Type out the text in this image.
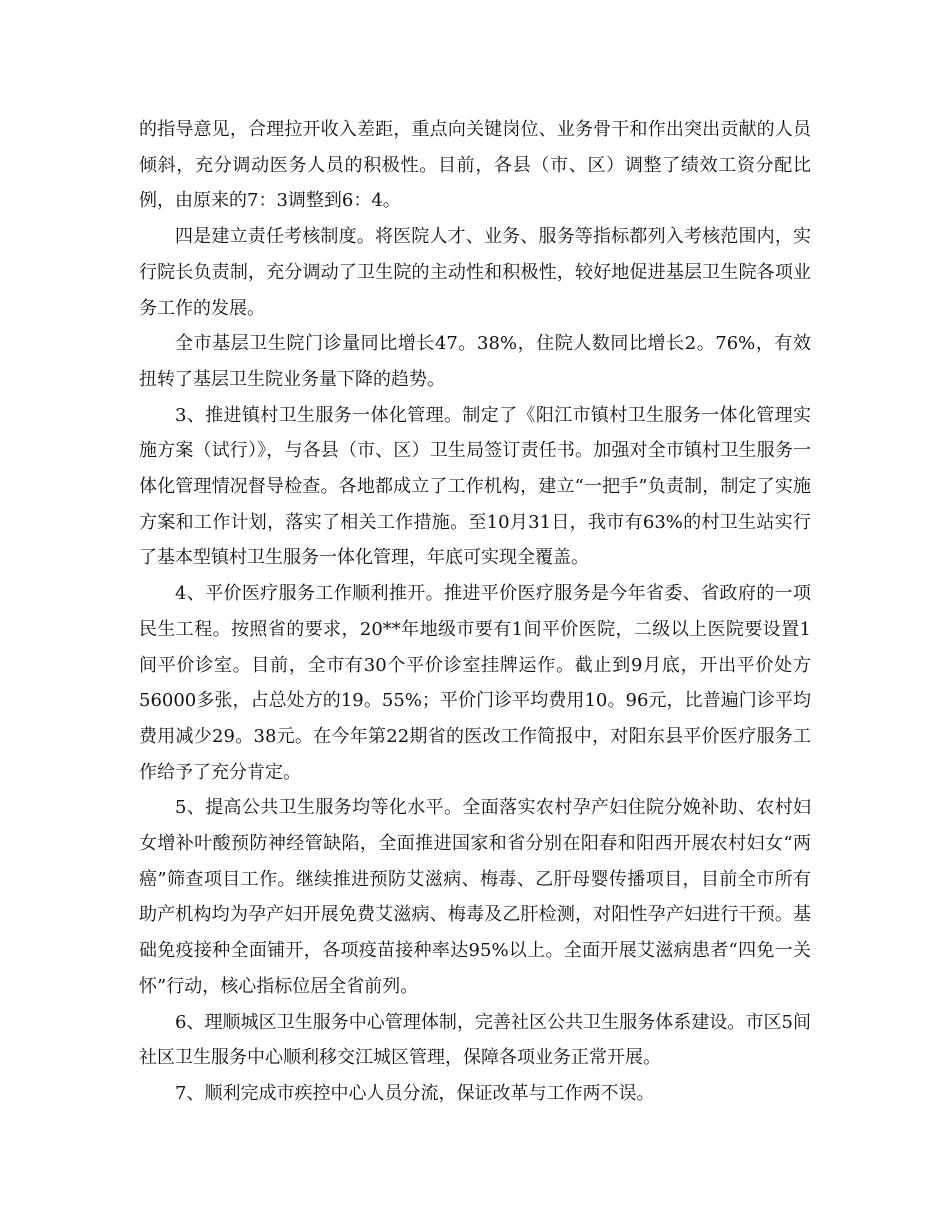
的指导意见，合理拉开收入差距，重点向关键岗位、业务骨干和作出突出贡献的人员倾斜，充分调动医务人员的积极性。目前，各县（市、区）调整了绩效工资分配比例，由原来的7：3调整到6：4。

四是建立责任考核制度。将医院人才、业务、服务等指标都列入考核范围内，实行院长负责制，充分调动了卫生院的主动性和积极性，较好地促进基层卫生院各项业务工作的发展。

全市基层卫生院门诊量同比增长47。38%，住院人数同比增长2。76%，有效扭转了基层卫生院业务量下降的趋势。

3、推进镇村卫生服务一体化管理。制定了《阳江市镇村卫生服务一体化管理实施方案（试行）》，与各县（市、区）卫生局签订责任书。加强对全市镇村卫生服务一体化管理情况督导检查。各地都成立了工作机构，建立“一把手”负责制，制定了实施方案和工作计划，落实了相关工作措施。至10月31日，我市有63%的村卫生站实行了基本型镇村卫生服务一体化管理，年底可实现全覆盖。

4、平价医疗服务工作顺利推开。推进平价医疗服务是今年省委、省政府的一项民生工程。按照省的要求，20**年地级市要有1间平价医院，二级以上医院要设置1间平价诊室。目前，全市有30个平价诊室挂牌运作。截止到9月底，开出平价处方56000多张，占总处方的19。55%；平价门诊平均费用10。96元，比普遍门诊平均费用减少29。38元。在今年第22期省的医改工作简报中，对阳东县平价医疗服务工作给予了充分肯定。

5、提高公共卫生服务均等化水平。全面落实农村孕产妇住院分娩补助、农村妇女增补叶酸预防神经管缺陷，全面推进国家和省分别在阳春和阳西开展农村妇女“两癌”筛查项目工作。继续推进预防艾滋病、梅毒、乙肝母婴传播项目，目前全市所有助产机构均为孕产妇开展免费艾滋病、梅毒及乙肝检测，对阳性孕产妇进行干预。基础免疫接种全面铺开，各项疫苗接种率达95%以上。全面开展艾滋病患者“四免一关怀”行动，核心指标位居全省前列。

6、理顺城区卫生服务中心管理体制，完善社区公共卫生服务体系建设。市区5间社区卫生服务中心顺利移交江城区管理，保障各项业务正常开展。

7、顺利完成市疾控中心人员分流，保证改革与工作两不误。
